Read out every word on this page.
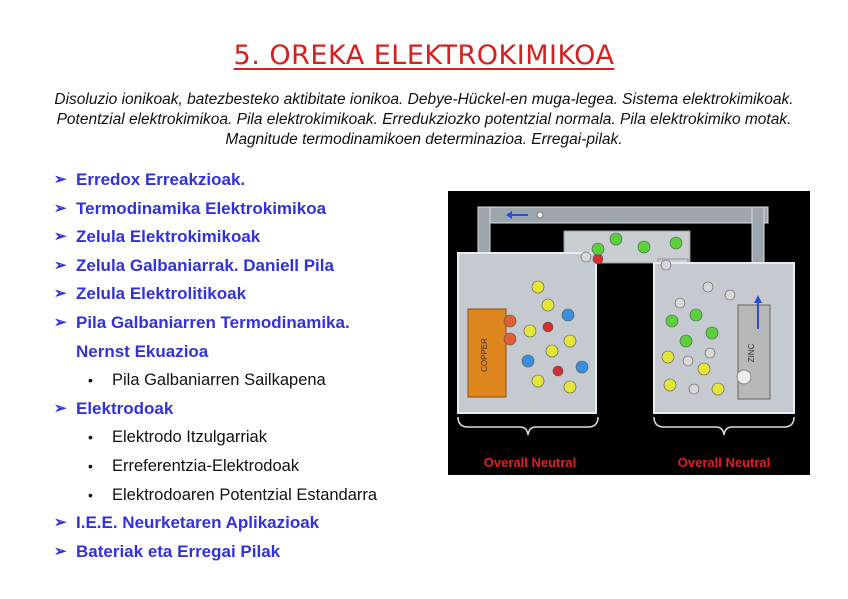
5. OREKA ELEKTROKIMIKOA
Disoluzio ionikoak, batezbesteko aktibitate ionikoa. Debye-Hückel-en muga-legea. Sistema elektrokimikoak. Potentzial elektrokimikoa. Pila elektrokimikoak. Erredukziozko potentzial normala. Pila elektrokimiko motak. Magnitude termodinamikoen determinazioa. Erregai-pilak.
➢ Erredox Erreakzioak.
➢ Termodinamika Elektrokimikoa
➢ Zelula Elektrokimikoak
➢ Zelula Galbaniarrak. Daniell Pila
➢ Zelula Elektrolitikoak
➢ Pila Galbaniarren Termodinamika.
Nernst Ekuazioa
• Pila Galbaniarren Sailkapena
➢ Elektrodoak
• Elektrodo Itzulgarriak
• Erreferentzia-Elektrodoak
• Elektrodoaren Potentzial Estandarra
➢ I.E.E. Neurketaren Aplikazioak
➢ Bateriak eta Erregai Pilak
COPPER	ZINC
Overall Neutral	Overall Neutral
